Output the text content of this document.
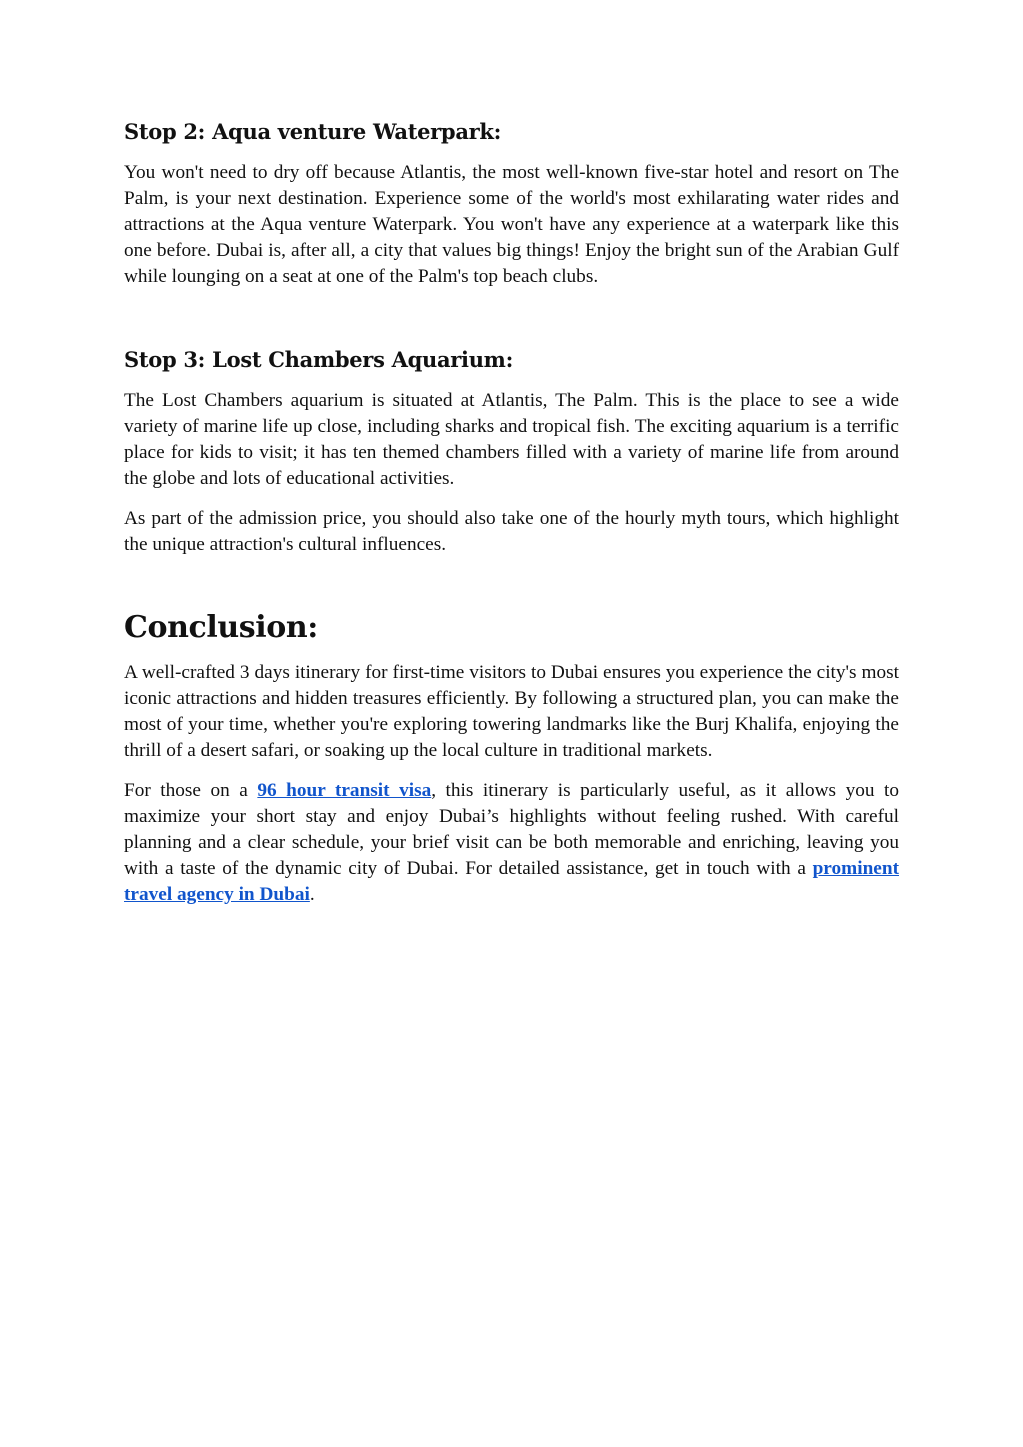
Stop 2: Aqua venture Waterpark:

You won't need to dry off because Atlantis, the most well-known five-star hotel and resort on The Palm, is your next destination. Experience some of the world's most exhilarating water rides and attractions at the Aqua venture Waterpark. You won't have any experience at a waterpark like this one before. Dubai is, after all, a city that values big things! Enjoy the bright sun of the Arabian Gulf while lounging on a seat at one of the Palm's top beach clubs.

Stop 3: Lost Chambers Aquarium:

The Lost Chambers aquarium is situated at Atlantis, The Palm. This is the place to see a wide variety of marine life up close, including sharks and tropical fish. The exciting aquarium is a terrific place for kids to visit; it has ten themed chambers filled with a variety of marine life from around the globe and lots of educational activities.

As part of the admission price, you should also take one of the hourly myth tours, which highlight the unique attraction's cultural influences.

Conclusion:

A well-crafted 3 days itinerary for first-time visitors to Dubai ensures you experience the city's most iconic attractions and hidden treasures efficiently. By following a structured plan, you can make the most of your time, whether you're exploring towering landmarks like the Burj Khalifa, enjoying the thrill of a desert safari, or soaking up the local culture in traditional markets.

For those on a 96 hour transit visa, this itinerary is particularly useful, as it allows you to maximize your short stay and enjoy Dubai’s highlights without feeling rushed. With careful planning and a clear schedule, your brief visit can be both memorable and enriching, leaving you with a taste of the dynamic city of Dubai. For detailed assistance, get in touch with a prominent travel agency in Dubai.
